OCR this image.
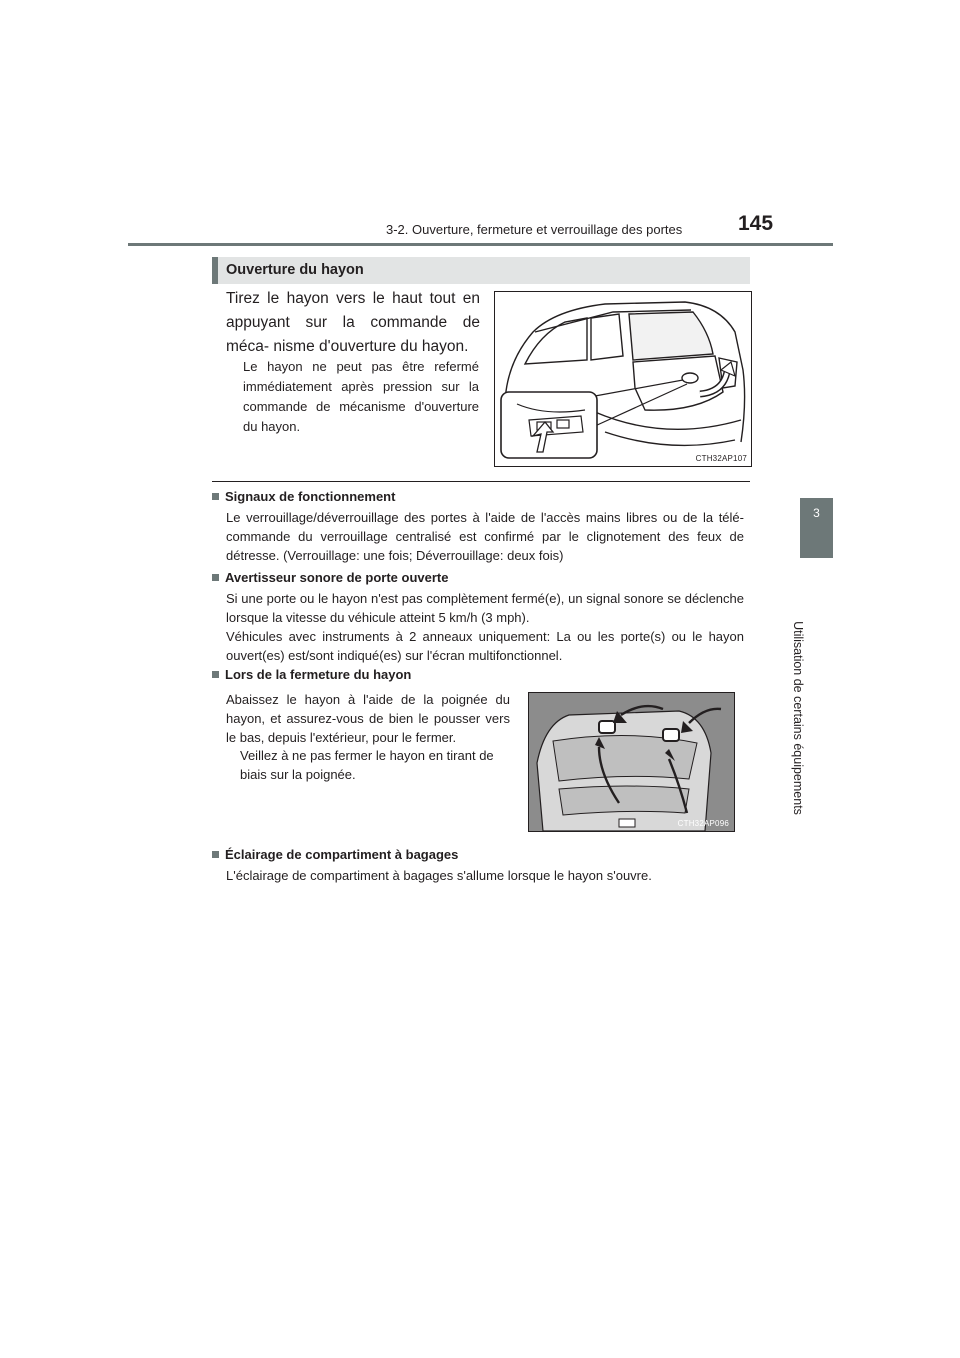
3-2. Ouverture, fermeture et verrouillage des portes	145
3
Utilisation de certains équipements
Ouverture du hayon
Tirez le hayon vers le haut tout en appuyant sur la commande de méca- nisme d'ouverture du hayon.
Le hayon ne peut pas être refermé immédiatement après pression sur la commande de mécanisme d'ouverture du hayon.
CTH32AP107
Signaux de fonctionnement
Le verrouillage/déverrouillage des portes à l'aide de l'accès mains libres ou de la télé- commande du verrouillage centralisé est confirmé par le clignotement des feux de détresse. (Verrouillage: une fois; Déverrouillage: deux fois)
Avertisseur sonore de porte ouverte
Si une porte ou le hayon n'est pas complètement fermé(e), un signal sonore se déclenche lorsque la vitesse du véhicule atteint 5 km/h (3 mph).
Véhicules avec instruments à 2 anneaux uniquement: La ou les porte(s) ou le hayon ouvert(es) est/sont indiqué(es) sur l'écran multifonctionnel.
Lors de la fermeture du hayon
Abaissez le hayon à l'aide de la poignée du hayon, et assurez-vous de bien le pousser vers le bas, depuis l'extérieur, pour le fermer.
Veillez à ne pas fermer le hayon en tirant de biais sur la poignée.
CTH32AP096
Éclairage de compartiment à bagages
L'éclairage de compartiment à bagages s'allume lorsque le hayon s'ouvre.
